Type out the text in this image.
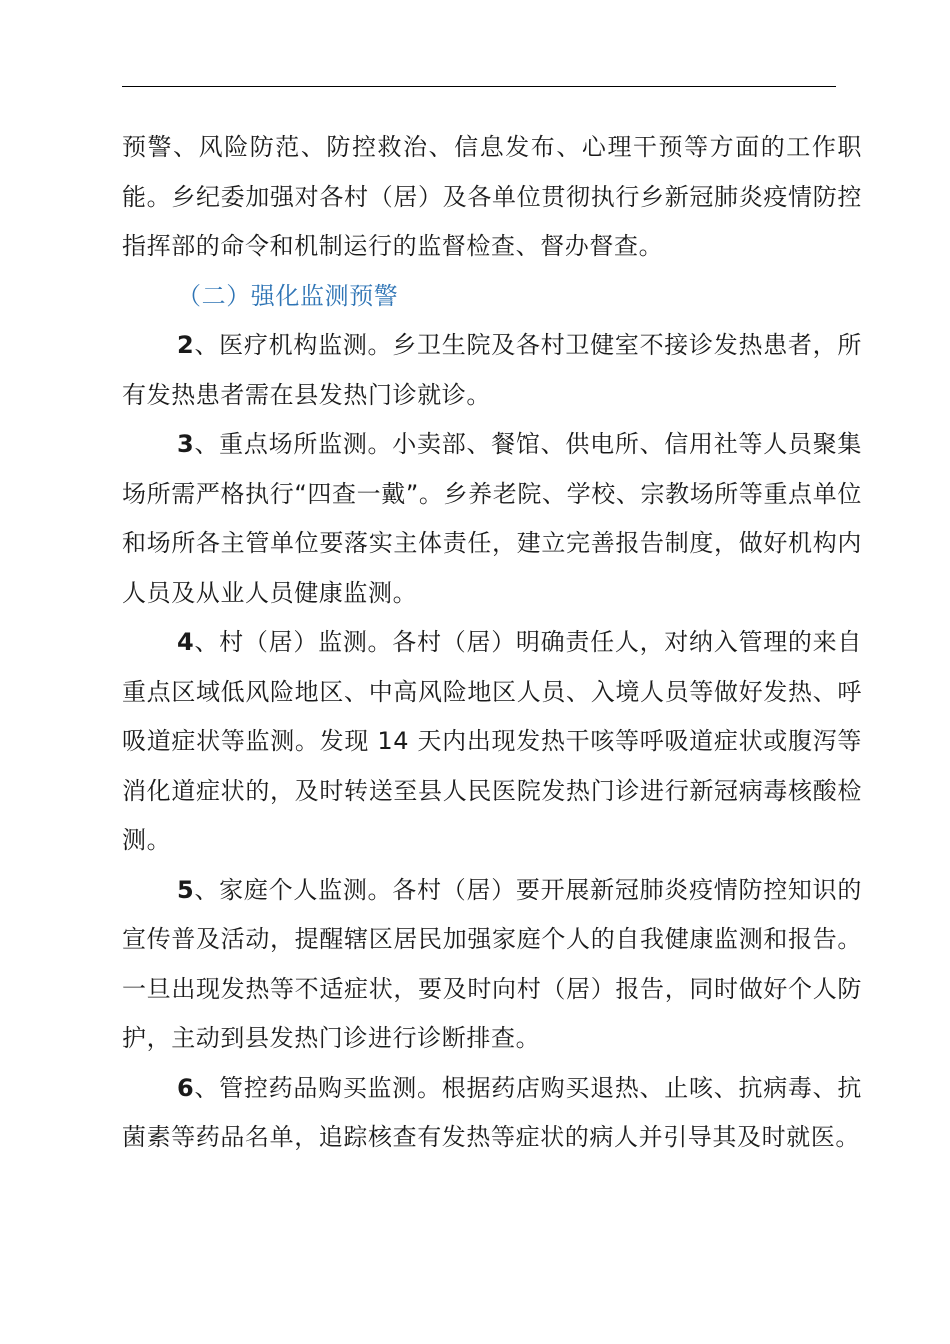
预警、风险防范、防控救治、信息发布、心理干预等方面的工作职能。乡纪委加强对各村（居）及各单位贯彻执行乡新冠肺炎疫情防控指挥部的命令和机制运行的监督检查、督办督查。

（二）强化监测预警

2、医疗机构监测。乡卫生院及各村卫健室不接诊发热患者，所有发热患者需在县发热门诊就诊。

3、重点场所监测。小卖部、餐馆、供电所、信用社等人员聚集场所需严格执行“四查一戴”。乡养老院、学校、宗教场所等重点单位和场所各主管单位要落实主体责任，建立完善报告制度，做好机构内人员及从业人员健康监测。

4、村（居）监测。各村（居）明确责任人，对纳入管理的来自重点区域低风险地区、中高风险地区人员、入境人员等做好发热、呼吸道症状等监测。发现 14 天内出现发热干咳等呼吸道症状或腹泻等消化道症状的，及时转送至县人民医院发热门诊进行新冠病毒核酸检测。

5、家庭个人监测。各村（居）要开展新冠肺炎疫情防控知识的宣传普及活动，提醒辖区居民加强家庭个人的自我健康监测和报告。一旦出现发热等不适症状，要及时向村（居）报告，同时做好个人防护，主动到县发热门诊进行诊断排查。

6、管控药品购买监测。根据药店购买退热、止咳、抗病毒、抗菌素等药品名单，追踪核查有发热等症状的病人并引导其及时就医。
